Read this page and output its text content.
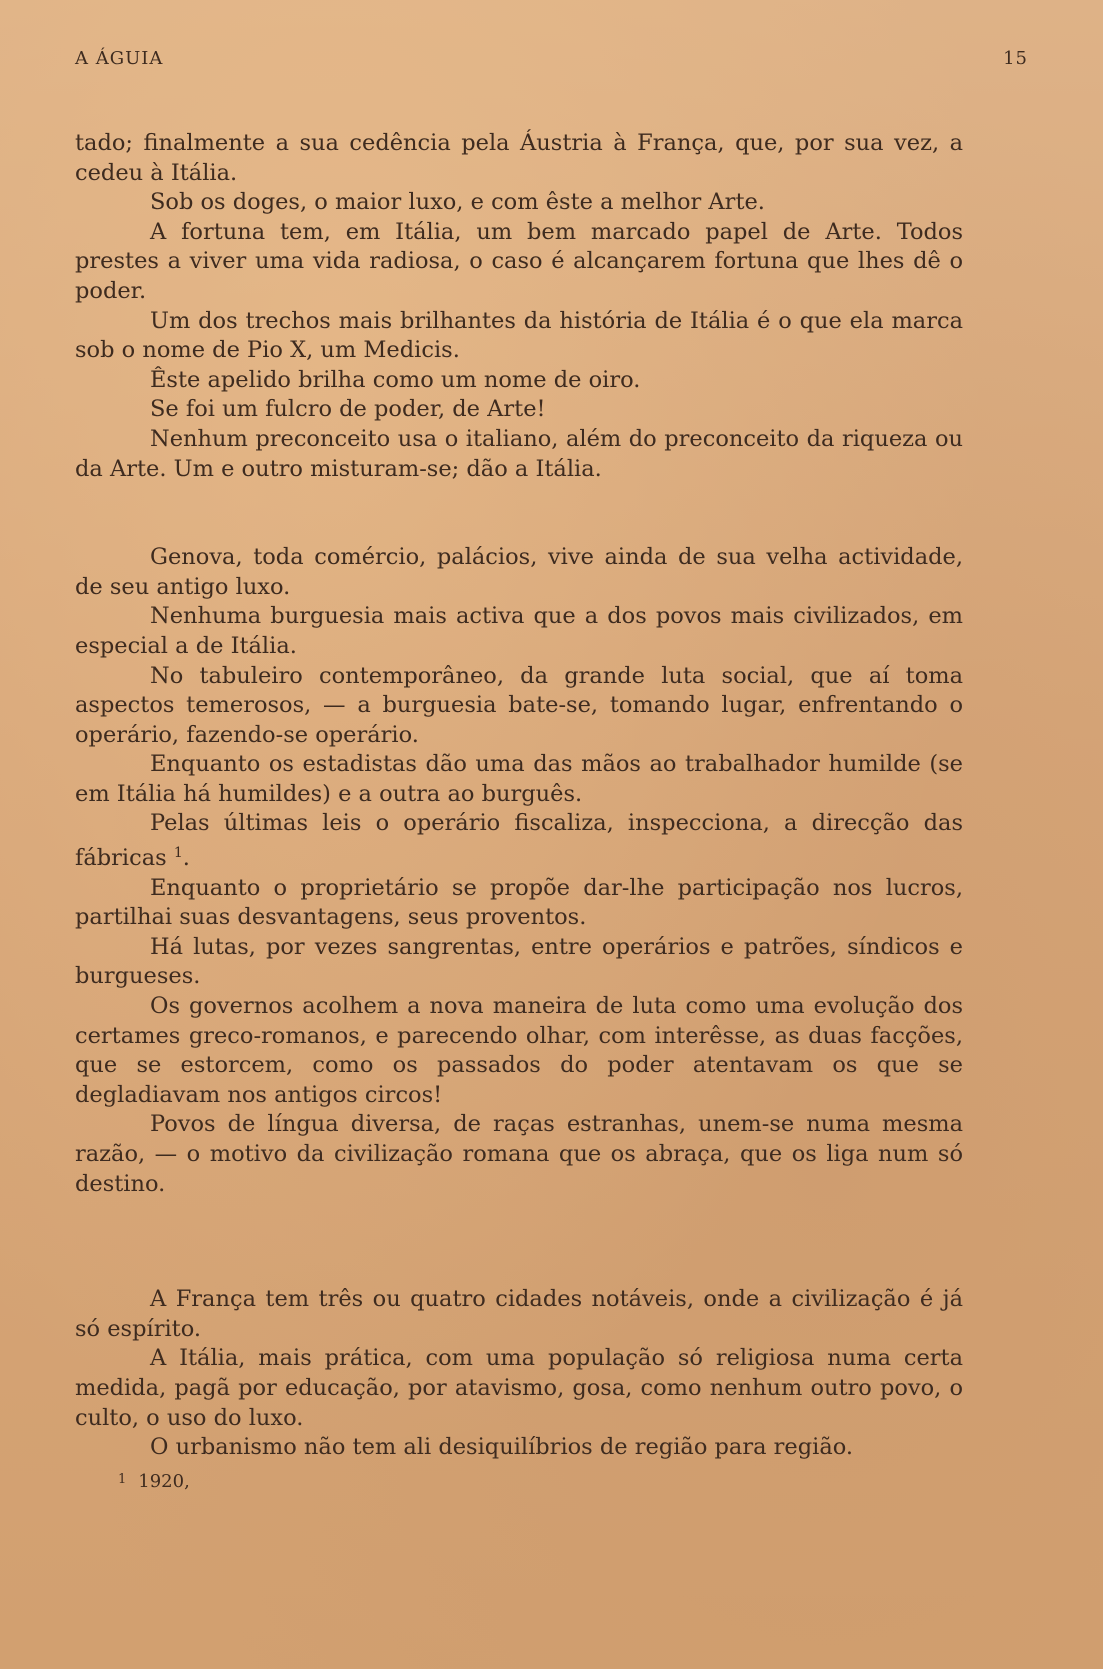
A ÁGUIA	15

tado; finalmente a sua cedência pela Áustria à França, que, por sua vez, a cedeu à Itália.

Sob os doges, o maior luxo, e com êste a melhor Arte.

A fortuna tem, em Itália, um bem marcado papel de Arte. Todos prestes a viver uma vida radiosa, o caso é alcançarem fortuna que lhes dê o poder.

Um dos trechos mais brilhantes da história de Itália é o que ela marca sob o nome de Pio X, um Medicis.

Êste apelido brilha como um nome de oiro.

Se foi um fulcro de poder, de Arte!

Nenhum preconceito usa o italiano, além do preconceito da riqueza ou da Arte. Um e outro misturam-se; dão a Itália.

Genova, toda comércio, palácios, vive ainda de sua velha actividade, de seu antigo luxo.

Nenhuma burguesia mais activa que a dos povos mais civilizados, em especial a de Itália.

No tabuleiro contemporâneo, da grande luta social, que aí toma aspectos temerosos, — a burguesia bate-se, tomando lugar, enfrentando o operário, fazendo-se operário.

Enquanto os estadistas dão uma das mãos ao trabalhador humilde (se em Itália há humildes) e a outra ao burguês.

Pelas últimas leis o operário fiscaliza, inspecciona, a direcção das fábricas $^1$.

Enquanto o proprietário se propõe dar-lhe participação nos lucros, partilhai suas desvantagens, seus proventos.

Há lutas, por vezes sangrentas, entre operários e patrões, síndicos e burgueses.

Os governos acolhem a nova maneira de luta como uma evolução dos certames greco-romanos, e parecendo olhar, com interêsse, as duas facções, que se estorcem, como os passados do poder atentavam os que se degladiavam nos antigos circos!

Povos de língua diversa, de raças estranhas, unem-se numa mesma razão, — o motivo da civilização romana que os abraça, que os liga num só destino.

A França tem três ou quatro cidades notáveis, onde a civilização é já só espírito.

A Itália, mais prática, com uma população só religiosa numa certa medida, pagã por educação, por atavismo, gosa, como nenhum outro povo, o culto, o uso do luxo.

O urbanismo não tem ali desiquilíbrios de região para região.

$^1$ 1920,
